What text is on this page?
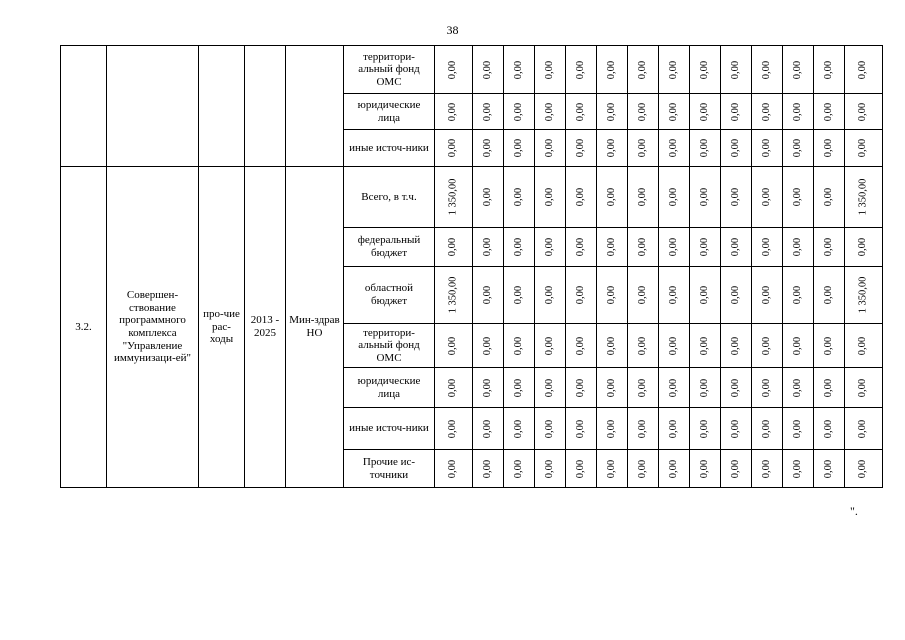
38
					территори-альный фонд ОМС	0,00	0,00	0,00	0,00	0,00	0,00	0,00	0,00	0,00	0,00	0,00	0,00	0,00	0,00
					юридические лица	0,00	0,00	0,00	0,00	0,00	0,00	0,00	0,00	0,00	0,00	0,00	0,00	0,00	0,00
					иные источ-ники	0,00	0,00	0,00	0,00	0,00	0,00	0,00	0,00	0,00	0,00	0,00	0,00	0,00	0,00
3.2.	Совершен-ствование программного комплекса "Управление иммунизаци-ей"	про-чие рас-ходы	2013 - 2025	Мин-здрав НО	Всего, в т.ч.	1 350,00	0,00	0,00	0,00	0,00	0,00	0,00	0,00	0,00	0,00	0,00	0,00	0,00	1 350,00
					федеральный бюджет	0,00	0,00	0,00	0,00	0,00	0,00	0,00	0,00	0,00	0,00	0,00	0,00	0,00	0,00
					областной бюджет	1 350,00	0,00	0,00	0,00	0,00	0,00	0,00	0,00	0,00	0,00	0,00	0,00	0,00	1 350,00
					территори-альный фонд ОМС	0,00	0,00	0,00	0,00	0,00	0,00	0,00	0,00	0,00	0,00	0,00	0,00	0,00	0,00
					юридические лица	0,00	0,00	0,00	0,00	0,00	0,00	0,00	0,00	0,00	0,00	0,00	0,00	0,00	0,00
					иные источ-ники	0,00	0,00	0,00	0,00	0,00	0,00	0,00	0,00	0,00	0,00	0,00	0,00	0,00	0,00
					Прочие ис-точники	0,00	0,00	0,00	0,00	0,00	0,00	0,00	0,00	0,00	0,00	0,00	0,00	0,00	0,00
".
